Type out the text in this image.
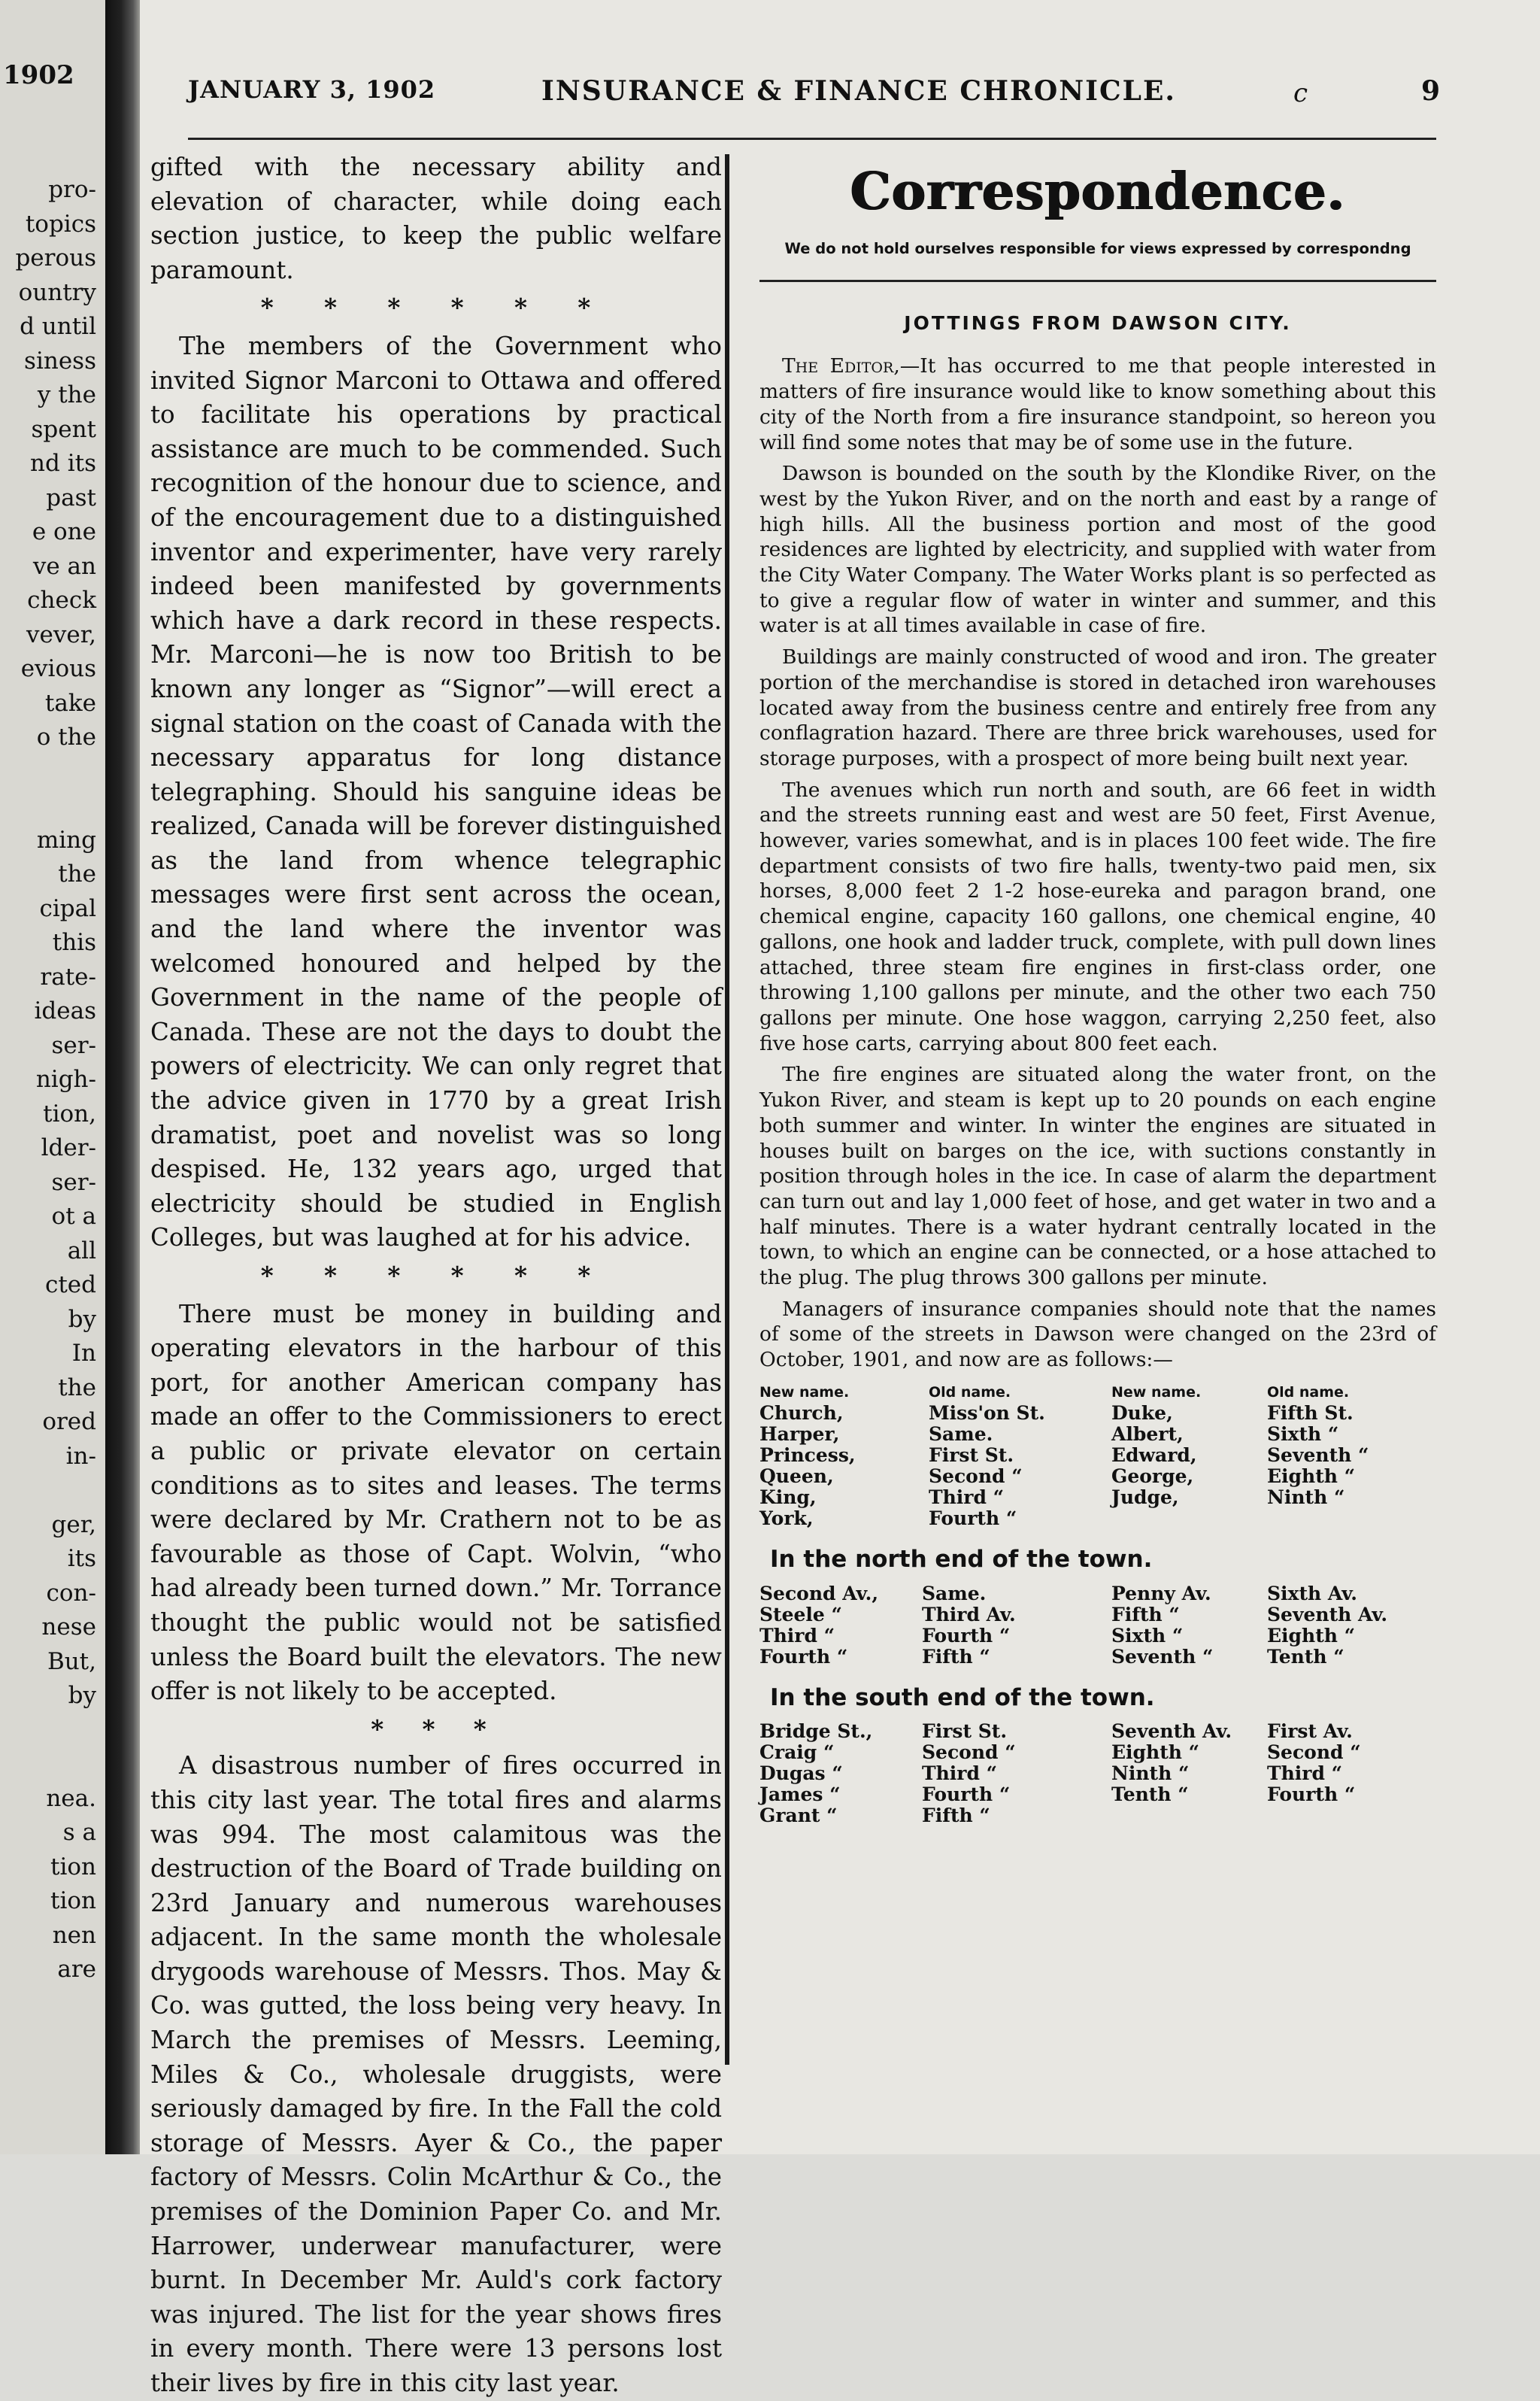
1902
pro-
topics
perous
ountry
d until
siness
y the
spent
nd its
past
e one
ve an
check
vever,
evious
take
o the

ming
the
cipal
this
rate-
ideas
ser-
nigh-
tion,
lder-
ser-
ot a
all
cted
by
In
the
ored
in-

ger,
its
con-
nese
But,
by

nea.
s a
tion
tion
nen
are
JANUARY 3, 1902	INSURANCE & FINANCE CHRONICLE.	c	9

gifted with the necessary ability and elevation of character, while doing each section justice, to keep the public welfare paramount.

* * * * * *

The members of the Government who invited Signor Marconi to Ottawa and offered to facilitate his operations by practical assistance are much to be commended. Such recognition of the honour due to science, and of the encouragement due to a distinguished inventor and experimenter, have very rarely indeed been manifested by governments which have a dark record in these respects. Mr. Marconi—he is now too British to be known any longer as “Signor”—will erect a signal station on the coast of Canada with the necessary apparatus for long distance telegraphing. Should his sanguine ideas be realized, Canada will be forever distinguished as the land from whence telegraphic messages were first sent across the ocean, and the land where the inventor was welcomed honoured and helped by the Government in the name of the people of Canada. These are not the days to doubt the powers of electricity. We can only regret that the advice given in 1770 by a great Irish dramatist, poet and novelist was so long despised. He, 132 years ago, urged that electricity should be studied in English Colleges, but was laughed at for his advice.

* * * * * *

There must be money in building and operating elevators in the harbour of this port, for another American company has made an offer to the Commissioners to erect a public or private elevator on certain conditions as to sites and leases. The terms were declared by Mr. Crathern not to be as favourable as those of Capt. Wolvin, “who had already been turned down.” Mr. Torrance thought the public would not be satisfied unless the Board built the elevators. The new offer is not likely to be accepted.

* * *

A disastrous number of fires occurred in this city last year. The total fires and alarms was 994. The most calamitous was the destruction of the Board of Trade building on 23rd January and numerous warehouses adjacent. In the same month the wholesale drygoods warehouse of Messrs. Thos. May & Co. was gutted, the loss being very heavy. In March the premises of Messrs. Leeming, Miles & Co., wholesale druggists, were seriously damaged by fire. In the Fall the cold storage of Messrs. Ayer & Co., the paper factory of Messrs. Colin McArthur & Co., the premises of the Dominion Paper Co. and Mr. Harrower, underwear manufacturer, were burnt. In December Mr. Auld's cork factory was injured. The list for the year shows fires in every month. There were 13 persons lost their lives by fire in this city last year.

Correspondence.
We do not hold ourselves responsible for views expressed by correspondng
JOTTINGS FROM DAWSON CITY.

The Editor,—It has occurred to me that people interested in matters of fire insurance would like to know something about this city of the North from a fire insurance standpoint, so hereon you will find some notes that may be of some use in the future.

Dawson is bounded on the south by the Klondike River, on the west by the Yukon River, and on the north and east by a range of high hills. All the business portion and most of the good residences are lighted by electricity, and supplied with water from the City Water Company. The Water Works plant is so perfected as to give a regular flow of water in winter and summer, and this water is at all times available in case of fire.

Buildings are mainly constructed of wood and iron. The greater portion of the merchandise is stored in detached iron warehouses located away from the business centre and entirely free from any conflagration hazard. There are three brick warehouses, used for storage purposes, with a prospect of more being built next year.

The avenues which run north and south, are 66 feet in width and the streets running east and west are 50 feet, First Avenue, however, varies somewhat, and is in places 100 feet wide. The fire department consists of two fire halls, twenty-two paid men, six horses, 8,000 feet 2 1-2 hose-eureka and paragon brand, one chemical engine, capacity 160 gallons, one chemical engine, 40 gallons, one hook and ladder truck, complete, with pull down lines attached, three steam fire engines in first-class order, one throwing 1,100 gallons per minute, and the other two each 750 gallons per minute. One hose waggon, carrying 2,250 feet, also five hose carts, carrying about 800 feet each.

The fire engines are situated along the water front, on the Yukon River, and steam is kept up to 20 pounds on each engine both summer and winter. In winter the engines are situated in houses built on barges on the ice, with suctions constantly in position through holes in the ice. In case of alarm the department can turn out and lay 1,000 feet of hose, and get water in two and a half minutes. There is a water hydrant centrally located in the town, to which an engine can be connected, or a hose attached to the plug. The plug throws 300 gallons per minute.

Managers of insurance companies should note that the names of some of the streets in Dawson were changed on the 23rd of October, 1901, and now are as follows:—

New name.	Old name.	New name.	Old name.
Church,	Miss'on St.	Duke,	Fifth St.
Harper,	Same.	Albert,	Sixth “
Princess,	First St.	Edward,	Seventh “
Queen,	Second “	George,	Eighth “
King,	Third “	Judge,	Ninth “
York,	Fourth “		
In the north end of the town.
Second Av.,	Same.	Penny Av.	Sixth Av.
Steele “	Third Av.	Fifth “	Seventh Av.
Third “	Fourth “	Sixth “	Eighth “
Fourth “	Fifth “	Seventh “	Tenth “
In the south end of the town.
Bridge St.,	First St.	Seventh Av.	First Av.
Craig “	Second “	Eighth “	Second “
Dugas “	Third “	Ninth “	Third “
James “	Fourth “	Tenth “	Fourth “
Grant “	Fifth “		
